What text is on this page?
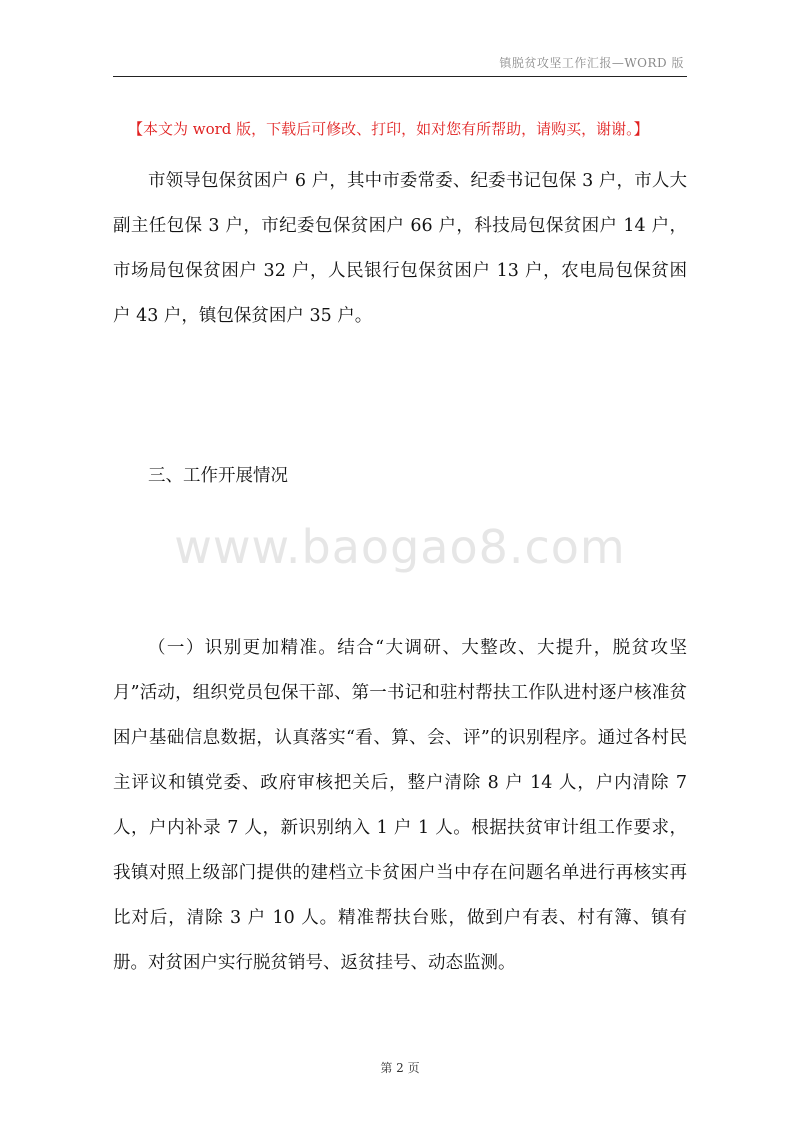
镇脱贫攻坚工作汇报—WORD 版
【本文为 word 版，下载后可修改、打印，如对您有所帮助，请购买，谢谢。】
市领导包保贫困户 6 户，其中市委常委、纪委书记包保 3 户，市人大副主任包保 3 户，市纪委包保贫困户 66 户，科技局包保贫困户 14 户，市场局包保贫困户 32 户，人民银行包保贫困户 13 户，农电局包保贫困户 43 户，镇包保贫困户 35 户。
三、工作开展情况
www.baogao8.com
（一）识别更加精准。结合“大调研、大整改、大提升，脱贫攻坚月”活动，组织党员包保干部、第一书记和驻村帮扶工作队进村逐户核准贫困户基础信息数据，认真落实“看、算、会、评”的识别程序。通过各村民主评议和镇党委、政府审核把关后，整户清除 8 户 14 人，户内清除 7 人，户内补录 7 人，新识别纳入 1 户 1 人。根据扶贫审计组工作要求，我镇对照上级部门提供的建档立卡贫困户当中存在问题名单进行再核实再比对后，清除 3 户 10 人。精准帮扶台账，做到户有表、村有簿、镇有册。对贫困户实行脱贫销号、返贫挂号、动态监测。
第 2 页
